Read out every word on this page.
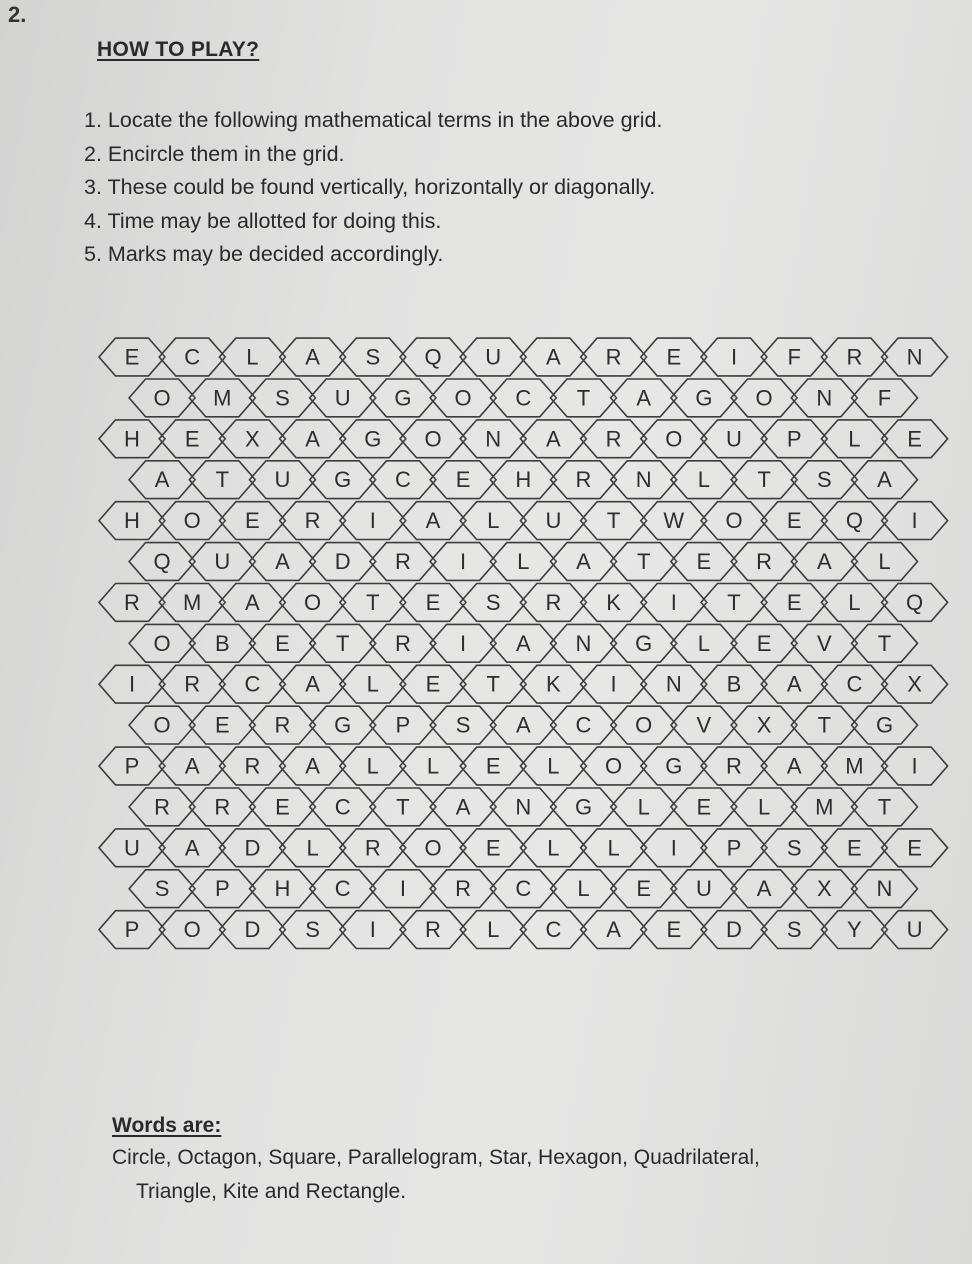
2.
HOW TO PLAY?
1. Locate the following mathematical terms in the above grid.
2. Encircle them in the grid.
3. These could be found vertically, horizontally or diagonally.
4. Time may be allotted for doing this.
5. Marks may be decided accordingly.
E C L A S Q U A R E I F R N
O M S U G O C T A G O N F
H E X A G O N A R O U P L E
A T U G C E H R N L T S A
H O E R I A L U T W O E Q I
Q U A D R I L A T E R A L
R M A O T E S R K I T E L Q
O B E T R I A N G L E V T
I R C A L E T K I N B A C X
O E R G P S A C O V X T G
P A R A L L E L O G R A M I
R R E C T A N G L E L M T
U A D L R O E L L I P S E E
S P H C I R C L E U A X N
P O D S I R L C A E D S Y U
Words are:
Circle, Octagon, Square, Parallelogram, Star, Hexagon, Quadrilateral,
Triangle, Kite and Rectangle.
